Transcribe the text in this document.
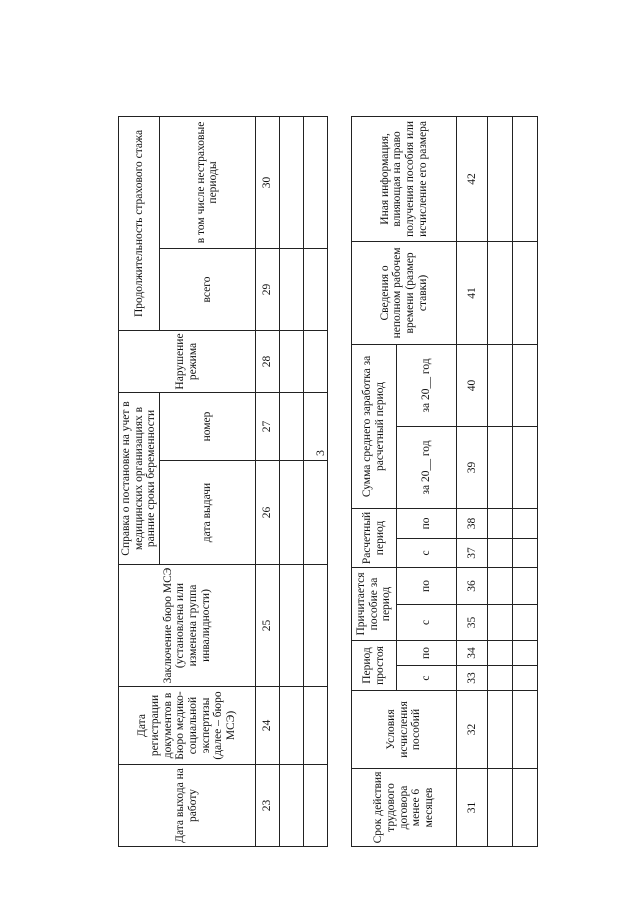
3
Дата выхода на работу	Дата регистрации документов в Бюро медико-социальной экспертизы (далее – бюро МСЭ)	Заключение бюро МСЭ (установлена или изменена группа инвалидности)	Справка о постановке на учет в медицинских организациях в ранние сроки беременности		Нарушение режима	Продолжительность страхового стажа	
			дата выдачи	номер		всего	в том числе нестраховые периоды
23	24	25	26	27	28	29	30

Срок действия трудового договора менее 6 месяцев	Условия исчисления пособий	Период простоя		Причитается пособие за период		Расчетный период		Сумма среднего заработка за расчетный период		Сведения о неполном рабочем времени (размер ставки)	Иная информация, влияющая на право получения пособия или исчисление его размера
		с	по	с	по	с	по	за 20__ год	за 20__ год		
31	32	33	34	35	36	37	38	39	40	41	42
